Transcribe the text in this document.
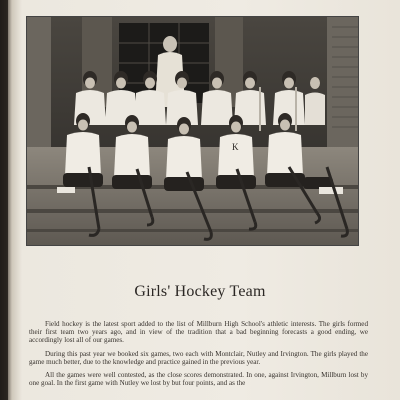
K
Girls' Hockey Team

Field hockey is the latest sport added to the list of Millburn High School's athletic interests. The girls formed their first team two years ago, and in view of the tradition that a bad beginning forecasts a good ending, we accordingly lost all of our games.

During this past year we booked six games, two each with Montclair, Nutley and Irvington. The girls played the game much better, due to the knowledge and practice gained in the previous year.

All the games were well contested, as the close scores demonstrated. In one, against Irvington, Millburn lost by one goal. In the first game with Nutley we lost by but four points, and as the
